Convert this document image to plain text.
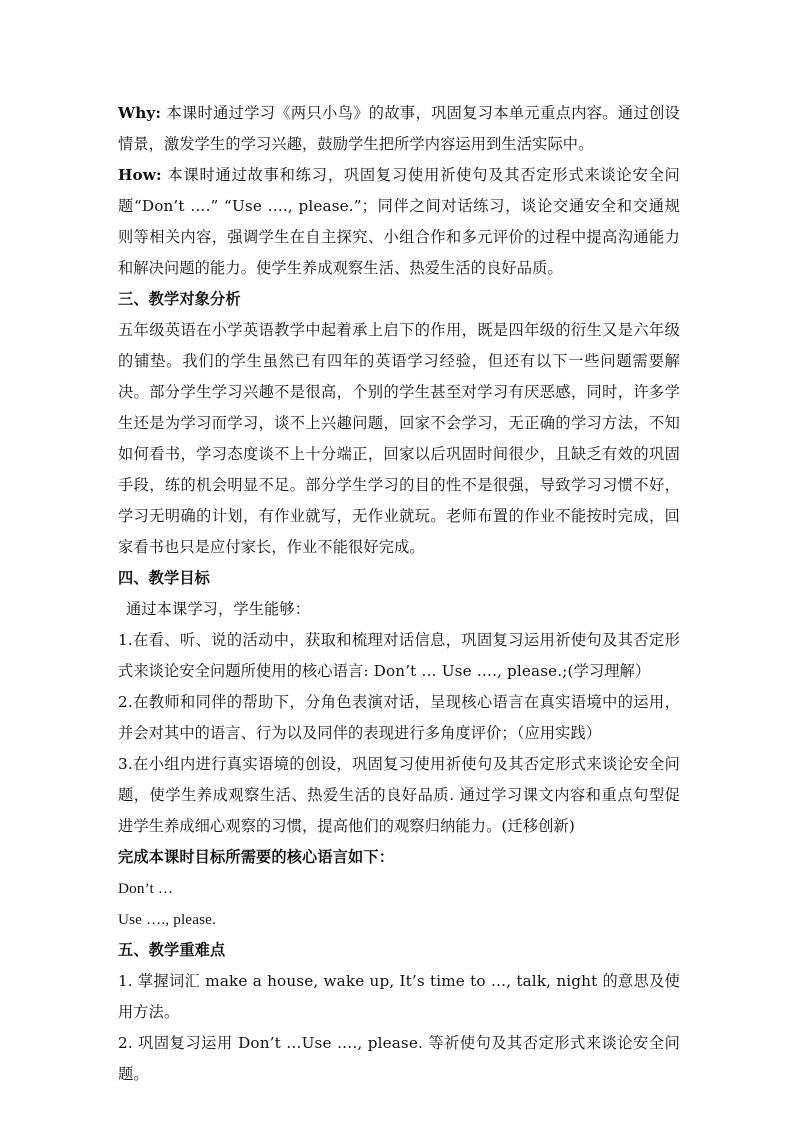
Why: 本课时通过学习《两只小鸟》的故事，巩固复习本单元重点内容。通过创设情景，激发学生的学习兴趣，鼓励学生把所学内容运用到生活实际中。

How: 本课时通过故事和练习，巩固复习使用祈使句及其否定形式来谈论安全问题“Don’t ….” “Use …., please.”；同伴之间对话练习，谈论交通安全和交通规则等相关内容，强调学生在自主探究、小组合作和多元评价的过程中提高沟通能力和解决问题的能力。使学生养成观察生活、热爱生活的良好品质。

三、教学对象分析

五年级英语在小学英语教学中起着承上启下的作用，既是四年级的衍生又是六年级的铺垫。我们的学生虽然已有四年的英语学习经验，但还有以下一些问题需要解决。部分学生学习兴趣不是很高，个别的学生甚至对学习有厌恶感，同时，许多学生还是为学习而学习，谈不上兴趣问题，回家不会学习，无正确的学习方法，不知如何看书，学习态度谈不上十分端正，回家以后巩固时间很少，且缺乏有效的巩固手段，练的机会明显不足。部分学生学习的目的性不是很强，导致学习习惯不好，学习无明确的计划，有作业就写，无作业就玩。老师布置的作业不能按时完成，回家看书也只是应付家长，作业不能很好完成。

四、教学目标

通过本课学习，学生能够：

1.在看、听、说的活动中，获取和梳理对话信息，巩固复习运用祈使句及其否定形式来谈论安全问题所使用的核心语言: Don’t … Use …., please.;(学习理解）

2.在教师和同伴的帮助下，分角色表演对话，呈现核心语言在真实语境中的运用，并会对其中的语言、行为以及同伴的表现进行多角度评价；（应用实践）

3.在小组内进行真实语境的创设，巩固复习使用祈使句及其否定形式来谈论安全问题，使学生养成观察生活、热爱生活的良好品质. 通过学习课文内容和重点句型促进学生养成细心观察的习惯，提高他们的观察归纳能力。(迁移创新)

完成本课时目标所需要的核心语言如下：

Don’t …

Use …., please.

五、教学重难点

1. 掌握词汇 make a house, wake up, It’s time to …, talk, night 的意思及使用方法。

2. 巩固复习运用 Don’t …Use …., please. 等祈使句及其否定形式来谈论安全问题。
